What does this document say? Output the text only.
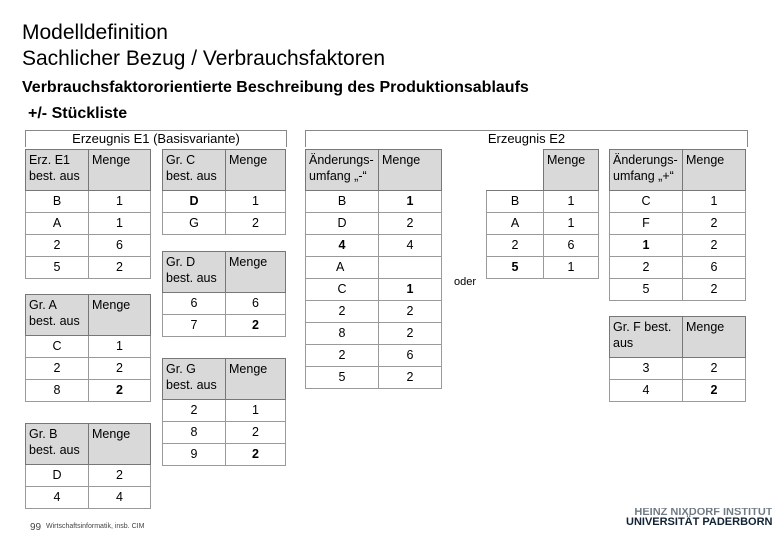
Modelldefinition
Sachlicher Bezug / Verbrauchsfaktoren
Verbrauchsfaktororientierte Beschreibung des Produktionsablaufs
+/- Stückliste
Erzeugnis E1 (Basisvariante)	Erzeugnis E2
Erz. E1 best. aus	Menge
B	1
A	1
2	6
5	2
Gr. C best. aus	Menge
D	1
G	2
Gr. D best. aus	Menge
6	6
7	2
Gr. G best. aus	Menge
2	1
8	2
9	2
Gr. A best. aus	Menge
C	1
2	2
8	2
Gr. B best. aus	Menge
D	2
4	4
Änderungs-umfang „-“	Menge
B	1
D	2
4	4
A	
C	1
2	2
8	2
2	6
5	2
oder
	Menge
B	1
A	1
2	6
5	1
Änderungs-umfang „+“	Menge
C	1
F	2
1	2
2	6
5	2
Gr. F best. aus	Menge
3	2
4	2
99 Wirtschaftsinformatik, insb. CIM
HEINZ NIXDORF INSTITUT
UNIVERSITÄT PADERBORN
